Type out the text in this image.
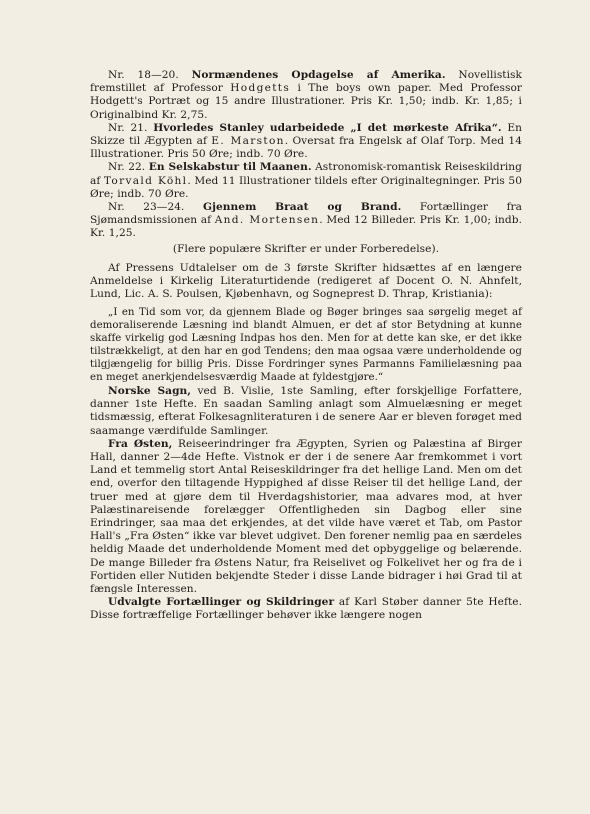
Nr. 18—20. Normændenes Opdagelse af Amerika. Novellistisk fremstillet af Professor Hodgetts i The boys own paper. Med Professor Hodgett's Portræt og 15 andre Illustrationer. Pris Kr. 1,50; indb. Kr. 1,85; i Originalbind Kr. 2,75.

Nr. 21. Hvorledes Stanley udarbeidede „I det mørkeste Afrika“. En Skizze til Ægypten af E. Marston. Oversat fra Engelsk af Olaf Torp. Med 14 Illustrationer. Pris 50 Øre; indb. 70 Øre.

Nr. 22. En Selskabstur til Maanen. Astronomisk-romantisk Reiseskildring af Torvald Köhl. Med 11 Illustrationer tildels efter Originaltegninger. Pris 50 Øre; indb. 70 Øre.

Nr. 23—24. Gjennem Braat og Brand. Fortællinger fra Sjømandsmissionen af And. Mortensen. Med 12 Billeder. Pris Kr. 1,00; indb. Kr. 1,25.

(Flere populære Skrifter er under Forberedelse).

Af Pressens Udtalelser om de 3 første Skrifter hidsættes af en længere Anmeldelse i Kirkelig Literaturtidende (redigeret af Docent O. N. Ahnfelt, Lund, Lic. A. S. Poulsen, Kjøbenhavn, og Sogneprest D. Thrap, Kristiania):

„I en Tid som vor, da gjennem Blade og Bøger bringes saa sørgelig meget af demoraliserende Læsning ind blandt Almuen, er det af stor Betydning at kunne skaffe virkelig god Læsning Indpas hos den. Men for at dette kan ske, er det ikke tilstrækkeligt, at den har en god Tendens; den maa ogsaa være underholdende og tilgjængelig for billig Pris. Disse Fordringer synes Parmanns Familielæsning paa en meget anerkjendelsesværdig Maade at fyldestgjøre.“

Norske Sagn, ved B. Vislie, 1ste Samling, efter forskjellige Forfattere, danner 1ste Hefte. En saadan Samling anlagt som Almuelæsning er meget tidsmæssig, efterat Folkesagnliteraturen i de senere Aar er bleven forøget med saamange værdifulde Samlinger.

Fra Østen, Reiseerindringer fra Ægypten, Syrien og Palæstina af Birger Hall, danner 2—4de Hefte. Vistnok er der i de senere Aar fremkommet i vort Land et temmelig stort Antal Reiseskildringer fra det hellige Land. Men om det end, overfor den tiltagende Hyppighed af disse Reiser til det hellige Land, der truer med at gjøre dem til Hverdagshistorier, maa advares mod, at hver Palæstinareisende forelægger Offentligheden sin Dagbog eller sine Erindringer, saa maa det erkjendes, at det vilde have været et Tab, om Pastor Hall's „Fra Østen“ ikke var blevet udgivet. Den forener nemlig paa en særdeles heldig Maade det underholdende Moment med det opbyggelige og belærende. De mange Billeder fra Østens Natur, fra Reiselivet og Folkelivet her og fra de i Fortiden eller Nutiden bekjendte Steder i disse Lande bidrager i høi Grad til at fængsle Interessen.

Udvalgte Fortællinger og Skildringer af Karl Støber danner 5te Hefte. Disse fortræffelige Fortællinger behøver ikke længere nogen
